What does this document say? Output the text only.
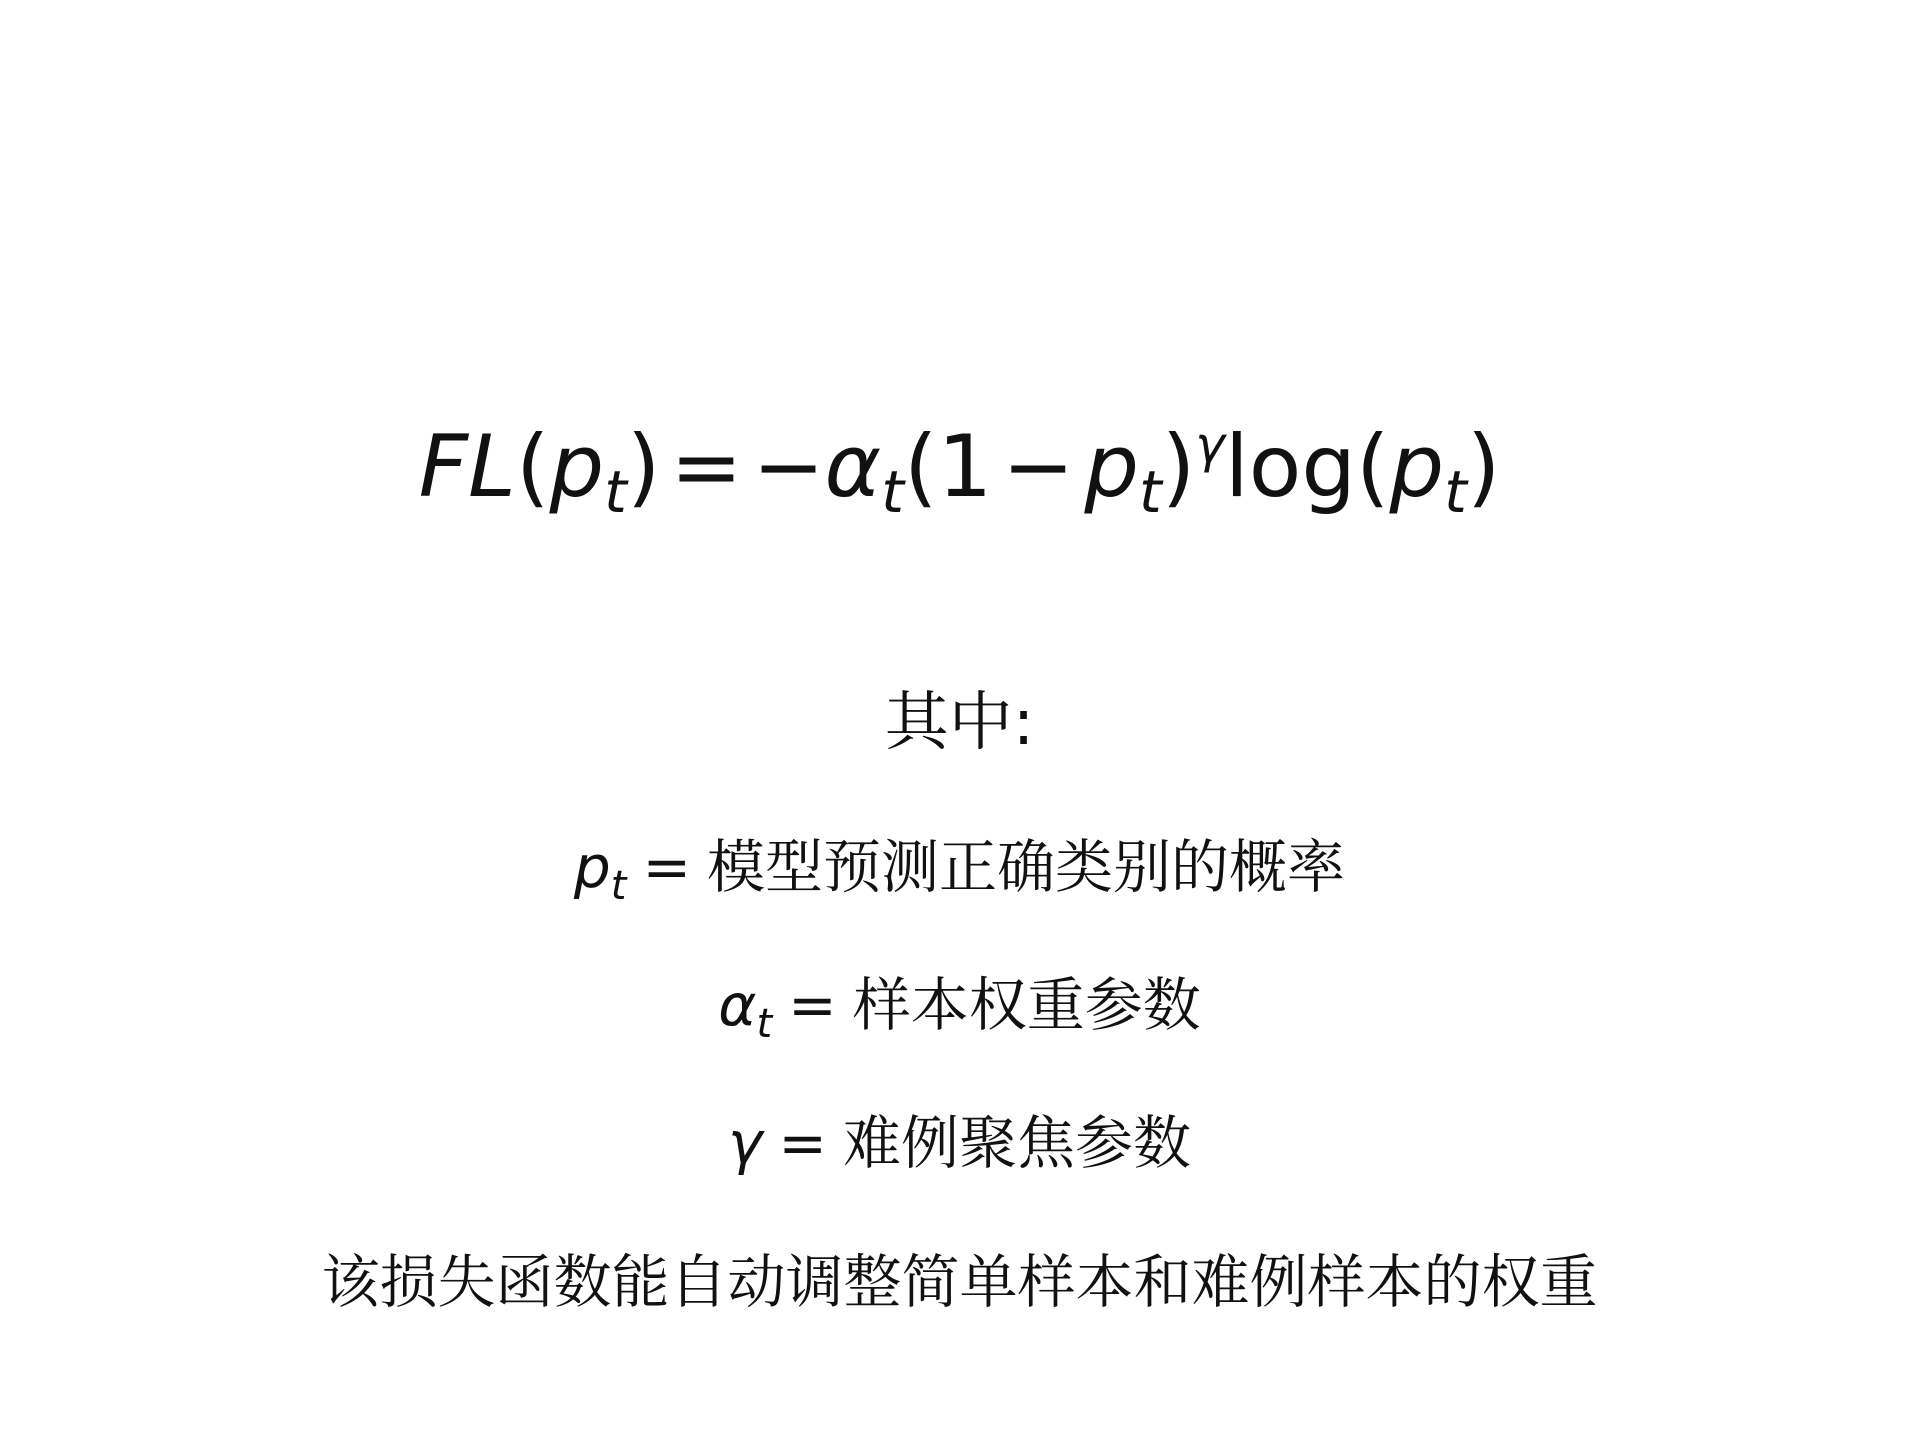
$FL(p_t) = -\alpha_t(1 - p_t)^\gamma\log(p_t)$
其中:
$p_t$ = 模型预测正确类别的概率
$\alpha_t$ = 样本权重参数
γ = 难例聚焦参数
该损失函数能自动调整简单样本和难例样本的权重
